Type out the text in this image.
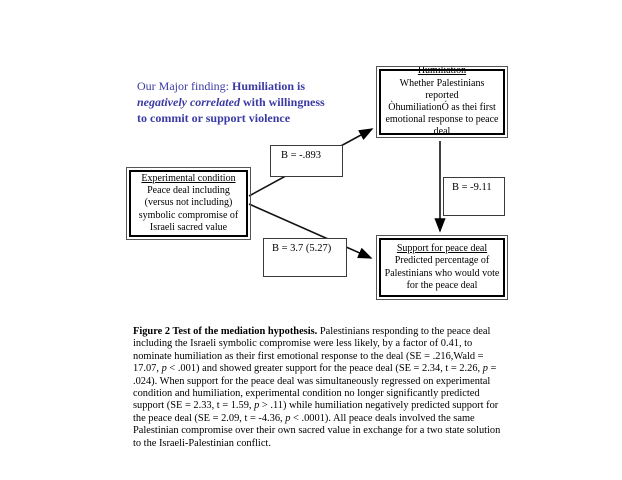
Our Major finding: Humiliation is
negatively correlated with willingness
to commit or support violence
B = -.893
B = -9.11
B = 3.7 (5.27)
Experimental condition
Peace deal including
(versus not including)
symbolic compromise of
Israeli sacred value
Humiliation
Whether Palestinians reported
ÒhumiliationÓ as thei first
emotional response to peace
deal
Support for peace deal
Predicted percentage of
Palestinians who would vote
for the peace deal
Figure 2 Test of the mediation hypothesis. Palestinians responding to the peace deal
including the Israeli symbolic compromise were less likely, by a factor of 0.41, to
nominate humiliation as their first emotional response to the deal (SE = .216,Wald =
17.07, p < .001) and showed greater support for the peace deal (SE = 2.34, t = 2.26, p =
.024). When support for the peace deal was simultaneously regressed on experimental
condition and humiliation, experimental condition no longer significantly predicted
support (SE = 2.33, t = 1.59, p > .11) while humiliation negatively predicted support for
the peace deal (SE = 2.09, t = -4.36, p < .0001). All peace deals involved the same
Palestinian compromise over their own sacred value in exchange for a two state solution
to the Israeli-Palestinian conflict.
